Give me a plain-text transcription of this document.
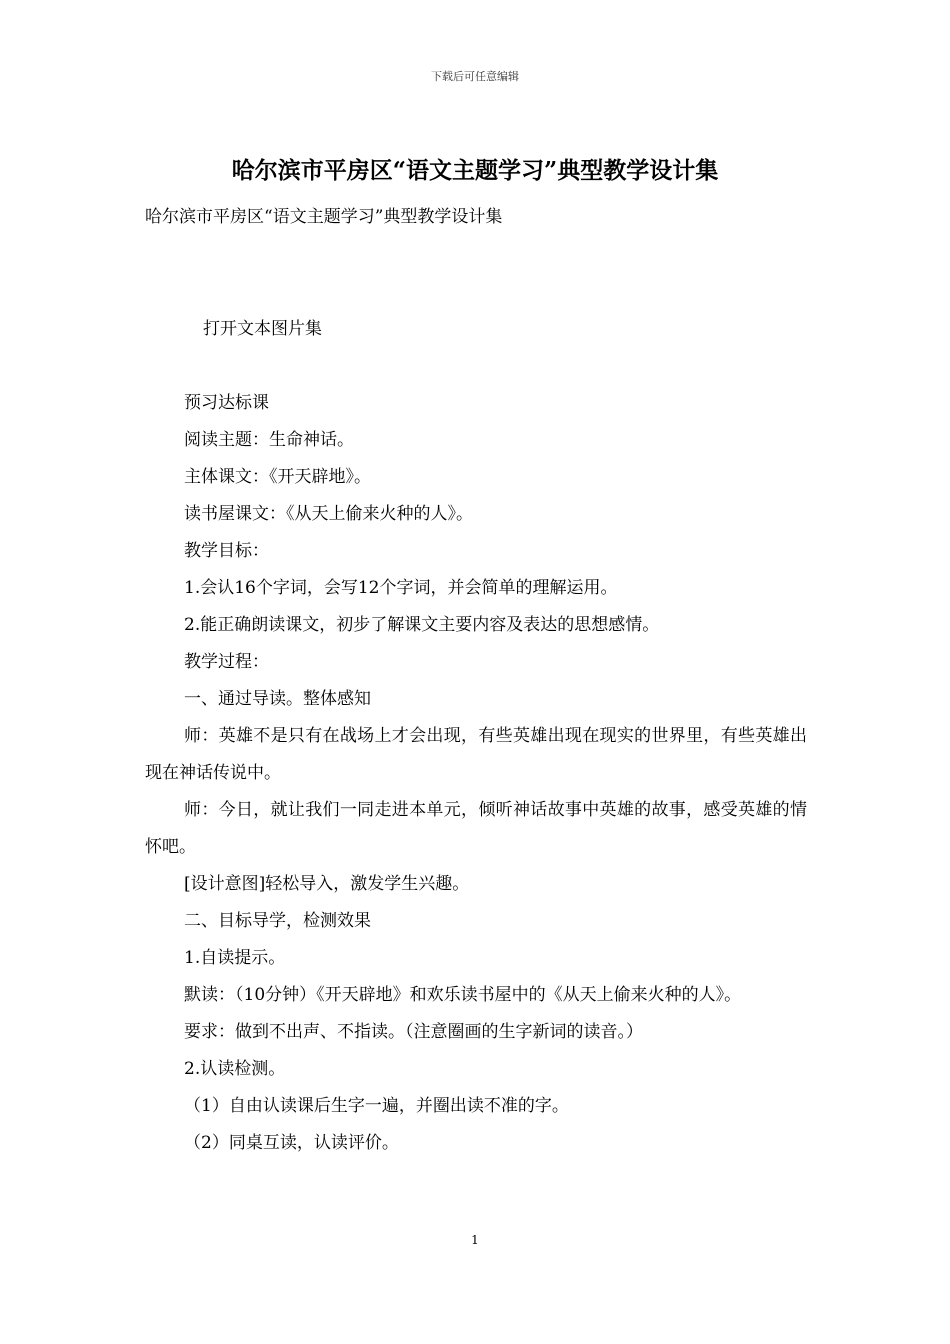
下载后可任意编辑
哈尔滨市平房区“语文主题学习”典型教学设计集
哈尔滨市平房区“语文主题学习”典型教学设计集

打开文本图片集

预习达标课

阅读主题：生命神话。

主体课文：《开天辟地》。

读书屋课文：《从天上偷来火种的人》。

教学目标：

1.会认16个字词，会写12个字词，并会简单的理解运用。

2.能正确朗读课文，初步了解课文主要内容及表达的思想感情。

教学过程：

一、通过导读。整体感知

师：英雄不是只有在战场上才会出现，有些英雄出现在现实的世界里，有些英雄出现在神话传说中。

师：今日，就让我们一同走进本单元，倾听神话故事中英雄的故事，感受英雄的情怀吧。

[设计意图]轻松导入，激发学生兴趣。

二、目标导学，检测效果

1.自读提示。

默读：（10分钟）《开天辟地》和欢乐读书屋中的《从天上偷来火种的人》。

要求：做到不出声、不指读。（注意圈画的生字新词的读音。）

2.认读检测。

（1）自由认读课后生字一遍，并圈出读不准的字。

（2）同桌互读，认读评价。

1
